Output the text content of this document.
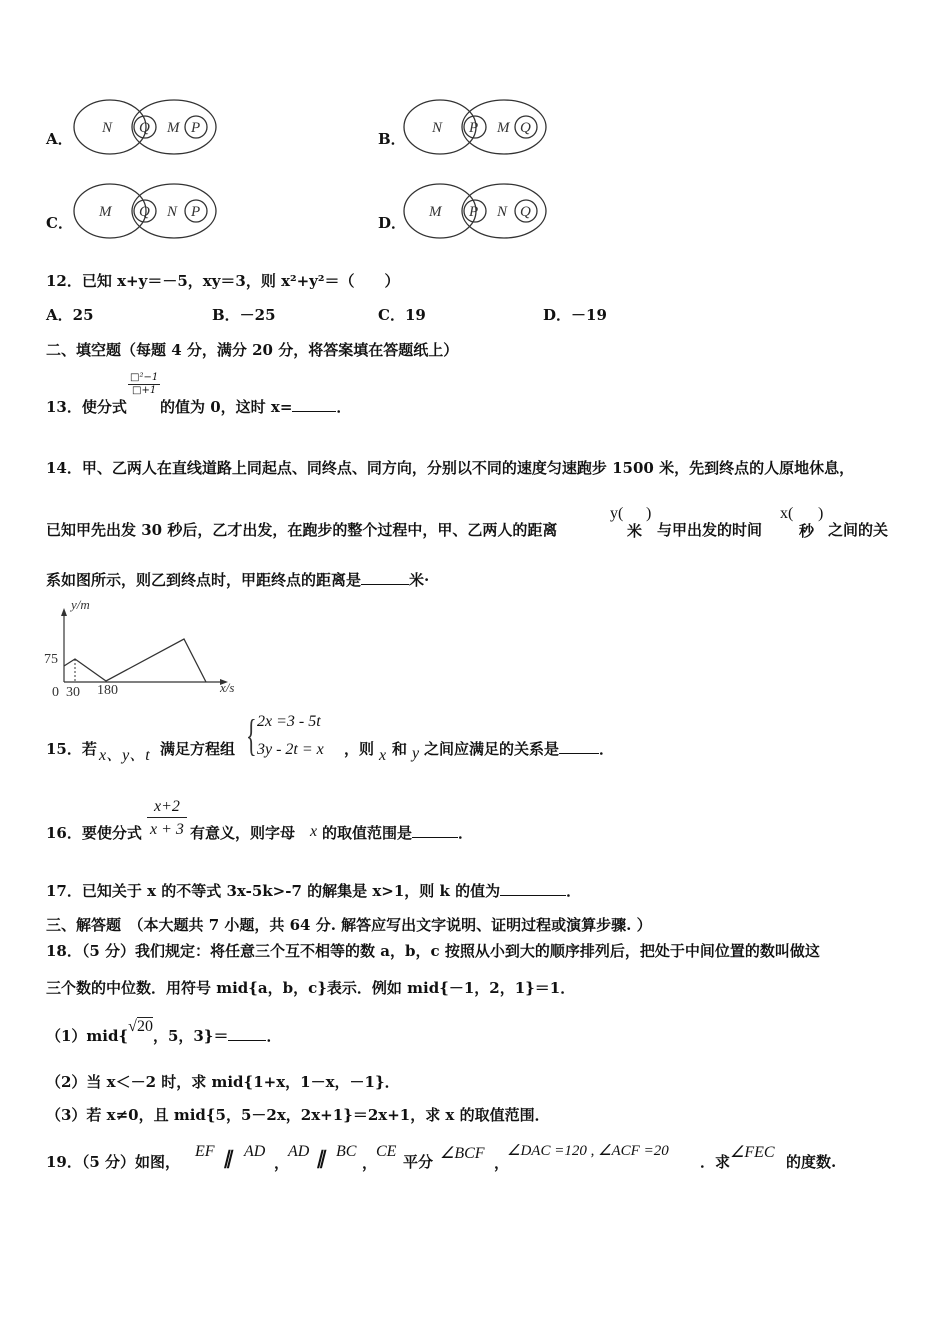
A．
N Q M P
B．
N P M Q
C．
M Q N P
D．
M P N Q
12．已知 x+y＝－5，xy＝3，则 x²+y²＝（　　）
A．25	B．－25	C．19	D．－19
二、填空题（每题 4 分，满分 20 分，将答案填在答题纸上）
13．使分式
$\frac{\text{□²−1}}{□+1}$
的值为 0，这时 x=	．
14．甲、乙两人在直线道路上同起点、同终点、同方向，分别以不同的速度匀速跑步 1500 米，先到终点的人原地休息，
已知甲先出发 30 秒后，乙才出发，在跑步的整个过程中，甲、乙两人的距离
y(
米
)
与甲出发的时间
x(
秒
)
之间的关
系如图所示，则乙到终点时，甲距终点的距离是	米·
y/m
x/s
0 30 180
75
15．若 x、y、t 满足方程组 { 2x =3 - 5t
3y - 2t = x ，则 x 和 y 之间应满足的关系是	．
16．要使分式 $\frac{x+2}{x + 3}$ 有意义，则字母 x 的取值范围是	．
17．已知关于 x 的不等式 3x-5k>-7 的解集是 x>1，则 k 的值为	．
三、解答题　（本大题共 7 小题，共 64 分. 解答应写出文字说明、证明过程或演算步骤. ）
18．（5 分）我们规定：将任意三个互不相等的数 a，b，c 按照从小到大的顺序排列后，把处于中间位置的数叫做这
三个数的中位数．用符号 mid{a，b，c}表示．例如 mid{－1，2，1}＝1．
（1）mid{√20，5，3}＝	．
（2）当 x＜－2 时，求 mid{1+x，1－x，－1}．
（3）若 x≠0，且 mid{5，5－2x，2x+1}＝2x+1，求 x 的取值范围．
19．（5 分）如图，
EF ∥ AD
，
AD ∥ BC
，
CE
平分 ∠BCF
，
∠DAC =120 , ∠ACF =20
．求
∠FEC
的度数.
